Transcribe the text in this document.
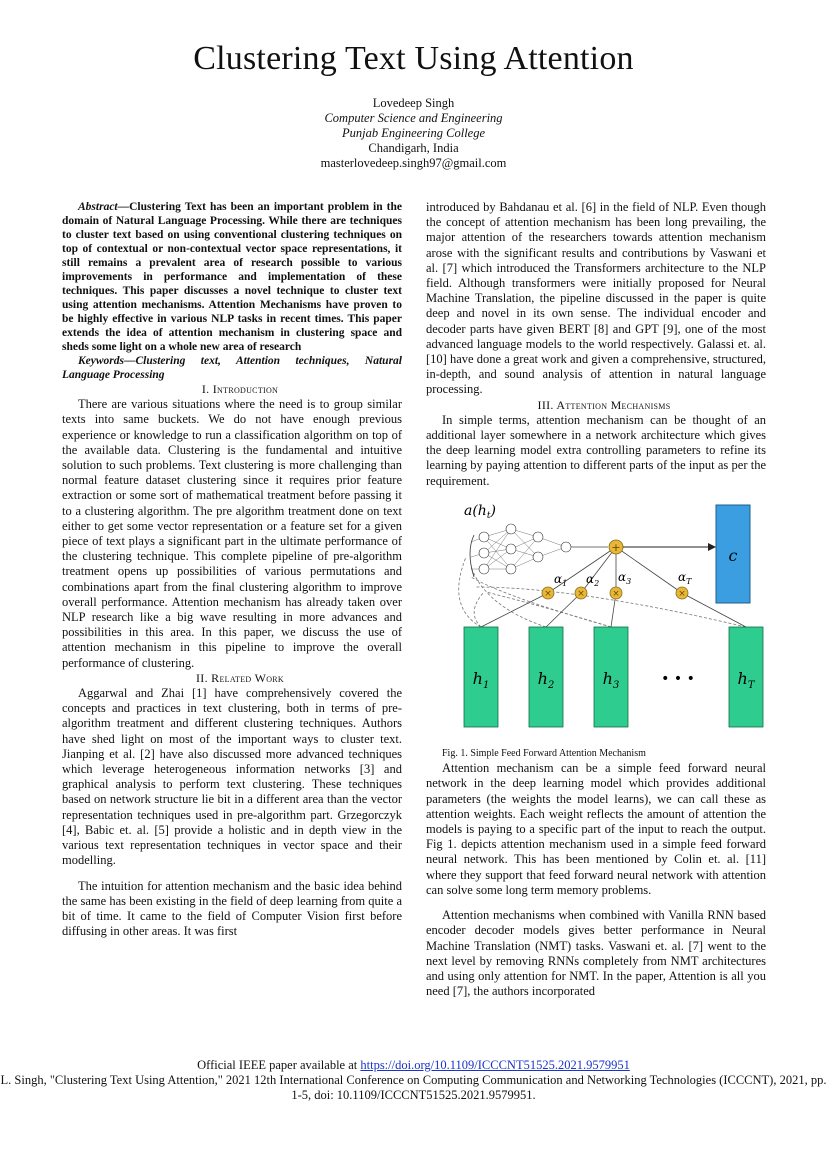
Clustering Text Using Attention
Lovedeep Singh
Computer Science and Engineering
Punjab Engineering College
Chandigarh, India
masterlovedeep.singh97@gmail.com

Abstract—Clustering Text has been an important problem in the domain of Natural Language Processing. While there are techniques to cluster text based on using conventional clustering techniques on top of contextual or non-contextual vector space representations, it still remains a prevalent area of research possible to various improvements in performance and implementation of these techniques. This paper discusses a novel technique to cluster text using attention mechanisms. Attention Mechanisms have proven to be highly effective in various NLP tasks in recent times. This paper extends the idea of attention mechanism in clustering space and sheds some light on a whole new area of research

Keywords—Clustering text, Attention techniques, Natural Language Processing

I. Introduction

There are various situations where the need is to group similar texts into same buckets. We do not have enough previous experience or knowledge to run a classification algorithm on top of the available data. Clustering is the fundamental and intuitive solution to such problems. Text clustering is more challenging than normal feature dataset clustering since it requires prior feature extraction or some sort of mathematical treatment before passing it to a clustering algorithm. The pre algorithm treatment done on text either to get some vector representation or a feature set for a given piece of text plays a significant part in the ultimate performance of the clustering technique. This complete pipeline of pre-algorithm treatment opens up possibilities of various permutations and combinations apart from the final clustering algorithm to improve overall performance. Attention mechanism has already taken over NLP research like a big wave resulting in more advances and possibilities in this area. In this paper, we discuss the use of attention mechanism in this pipeline to improve the overall performance of clustering.

II. Related Work

Aggarwal and Zhai [1] have comprehensively covered the concepts and practices in text clustering, both in terms of pre-algorithm treatment and different clustering techniques. Authors have shed light on most of the important ways to cluster text. Jianping et al. [2] have also discussed more advanced techniques which leverage heterogeneous information networks [3] and graphical analysis to perform text clustering. These techniques based on network structure lie bit in a different area than the vector representation techniques used in pre-algorithm part. Grzegorczyk [4], Babic et. al. [5] provide a holistic and in depth view in the various text representation techniques in vector space and their modelling.

The intuition for attention mechanism and the basic idea behind the same has been existing in the field of deep learning from quite a bit of time. It came to the field of Computer Vision first before diffusing in other areas. It was first

introduced by Bahdanau et al. [6] in the field of NLP. Even though the concept of attention mechanism has been long prevailing, the major attention of the researchers towards attention mechanism arose with the significant results and contributions by Vaswani et al. [7] which introduced the Transformers architecture to the NLP field. Although transformers were initially proposed for Neural Machine Translation, the pipeline discussed in the paper is quite deep and novel in its own sense. The individual encoder and decoder parts have given BERT [8] and GPT [9], one of the most advanced language models to the world respectively. Galassi et. al. [10] have done a great work and given a comprehensive, structured, in-depth, and sound analysis of attention in natural language processing.

III. Attention Mechanisms

In simple terms, attention mechanism can be thought of an additional layer somewhere in a network architecture which gives the deep learning model extra controlling parameters to refine its learning by paying attention to different parts of the input as per the requirement.

$a(h_t)$
+	c
×	×	×	×
$\alpha_1$ $\alpha_2$ $\alpha_3$	$\alpha_T$
$h_1$	$h_2$	$h_3$	$h_T$
• • •

Fig. 1. Simple Feed Forward Attention Mechanism

Attention mechanism can be a simple feed forward neural network in the deep learning model which provides additional parameters (the weights the model learns), we can call these as attention weights. Each weight reflects the amount of attention the models is paying to a specific part of the input to reach the output. Fig 1. depicts attention mechanism used in a simple feed forward neural network. This has been mentioned by Colin et. al. [11] where they support that feed forward neural network with attention can solve some long term memory problems.

Attention mechanisms when combined with Vanilla RNN based encoder decoder models gives better performance in Neural Machine Translation (NMT) tasks. Vaswani et. al. [7] went to the next level by removing RNNs completely from NMT architectures and using only attention for NMT. In the paper, Attention is all you need [7], the authors incorporated

Official IEEE paper available at https://doi.org/10.1109/ICCCNT51525.2021.9579951
L. Singh, "Clustering Text Using Attention," 2021 12th International Conference on Computing Communication and Networking Technologies (ICCCNT), 2021, pp. 1-5, doi: 10.1109/ICCCNT51525.2021.9579951.
